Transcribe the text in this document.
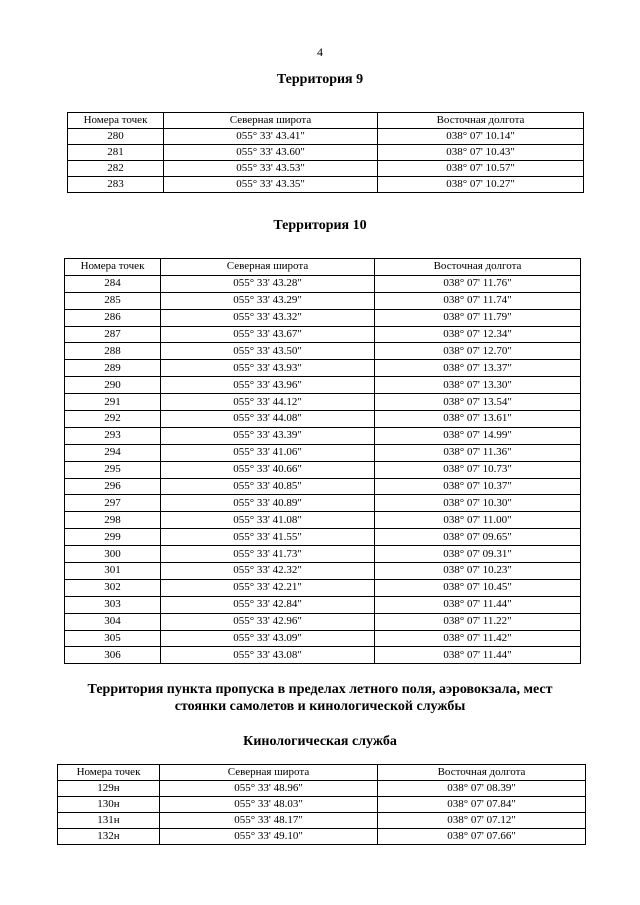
4
Территория 9
Номера точек	Северная широта	Восточная долгота
280	055° 33' 43.41"	038° 07' 10.14"
281	055° 33' 43.60"	038° 07' 10.43"
282	055° 33' 43.53"	038° 07' 10.57"
283	055° 33' 43.35"	038° 07' 10.27"
Территория 10
Номера точек	Северная широта	Восточная долгота
284	055° 33' 43.28"	038° 07' 11.76"
285	055° 33' 43.29"	038° 07' 11.74"
286	055° 33' 43.32"	038° 07' 11.79"
287	055° 33' 43.67"	038° 07' 12.34"
288	055° 33' 43.50"	038° 07' 12.70"
289	055° 33' 43.93"	038° 07' 13.37"
290	055° 33' 43.96"	038° 07' 13.30"
291	055° 33' 44.12"	038° 07' 13.54"
292	055° 33' 44.08"	038° 07' 13.61"
293	055° 33' 43.39"	038° 07' 14.99"
294	055° 33' 41.06"	038° 07' 11.36"
295	055° 33' 40.66"	038° 07' 10.73"
296	055° 33' 40.85"	038° 07' 10.37"
297	055° 33' 40.89"	038° 07' 10.30"
298	055° 33' 41.08"	038° 07' 11.00"
299	055° 33' 41.55"	038° 07' 09.65"
300	055° 33' 41.73"	038° 07' 09.31"
301	055° 33' 42.32"	038° 07' 10.23"
302	055° 33' 42.21"	038° 07' 10.45"
303	055° 33' 42.84"	038° 07' 11.44"
304	055° 33' 42.96"	038° 07' 11.22"
305	055° 33' 43.09"	038° 07' 11.42"
306	055° 33' 43.08"	038° 07' 11.44"
Территория пункта пропуска в пределах летного поля, аэровокзала, мест
стоянки самолетов и кинологической службы
Кинологическая служба
Номера точек	Северная широта	Восточная долгота
129н	055° 33' 48.96"	038° 07' 08.39"
130н	055° 33' 48.03"	038° 07' 07.84"
131н	055° 33' 48.17"	038° 07' 07.12"
132н	055° 33' 49.10"	038° 07' 07.66"
